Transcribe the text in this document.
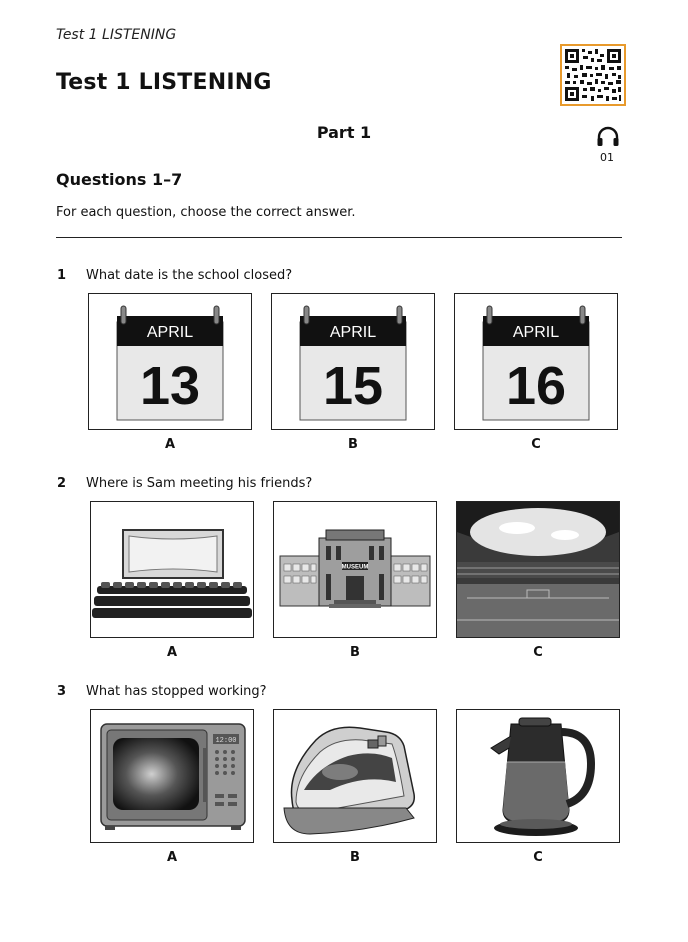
Test 1 LISTENING
Test 1 LISTENING
Part 1
01
Questions 1–7
For each question, choose the correct answer.
1 What date is the school closed?
APRIL
13
APRIL
15
APRIL
16
A	B	C
2 Where is Sam meeting his friends?
MUSEUM
A	B	C
3 What has stopped working?
12:00
A	B	C
